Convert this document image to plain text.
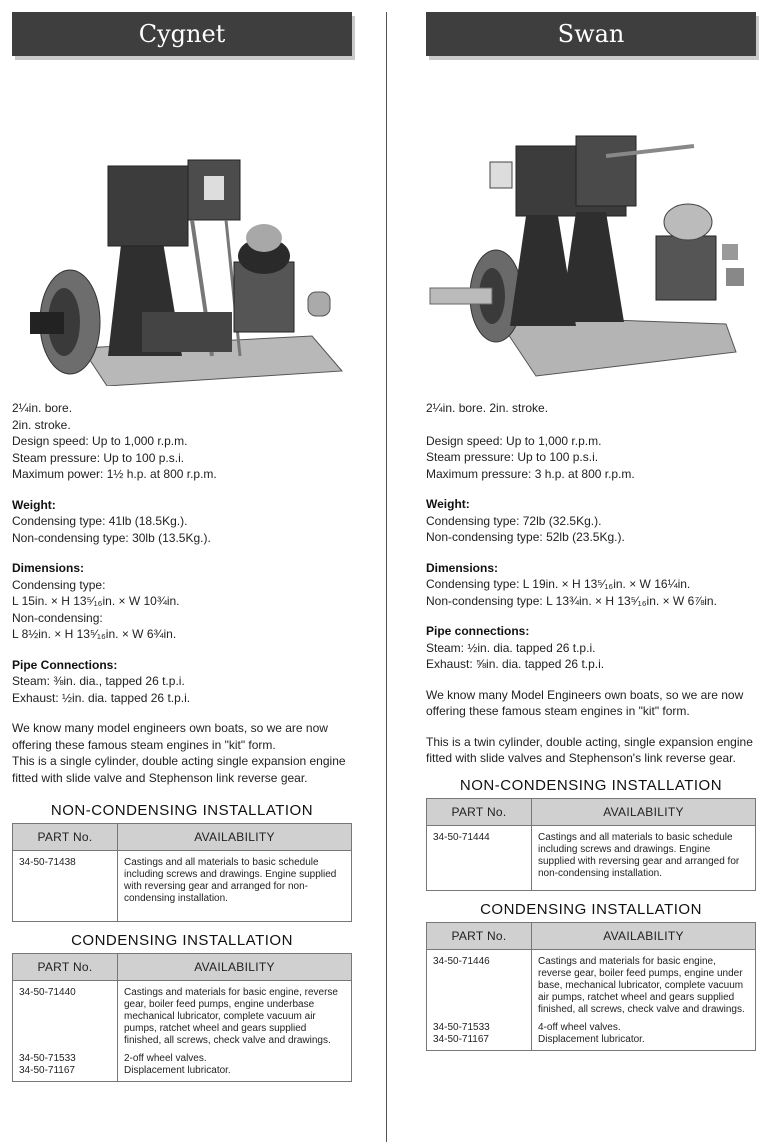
Cygnet

2¼in. bore.

2in. stroke.

Design speed: Up to 1,000 r.p.m.

Steam pressure: Up to 100 p.s.i.

Maximum power: 1½ h.p. at 800 r.p.m.

Weight:

Condensing type: 41lb (18.5Kg.).

Non-condensing type: 30lb (13.5Kg.).

Dimensions:

Condensing type:

L 15in. × H 13⁵⁄₁₆in. × W 10¾in.

Non-condensing:

L 8½in. × H 13⁵⁄₁₆in. × W 6¾in.

Pipe Connections:

Steam: ⅜in. dia., tapped 26 t.p.i.

Exhaust: ½in. dia. tapped 26 t.p.i.

We know many model engineers own boats, so we are now offering these famous steam engines in "kit" form.

This is a single cylinder, double acting single expansion engine fitted with slide valve and Stephenson link reverse gear.

NON-CONDENSING INSTALLATION
PART No.	AVAILABILITY
34-50-71438	Castings and all materials to basic schedule including screws and drawings. Engine supplied with reversing gear and arranged for non-condensing installation.
CONDENSING INSTALLATION
PART No.	AVAILABILITY
34-50-71440	Castings and materials for basic engine, reverse gear, boiler feed pumps, engine underbase mechanical lubricator, complete vacuum air pumps, ratchet wheel and gears supplied finished, all screws, check valve and drawings.
34-50-71533	2-off wheel valves.
34-50-71167	Displacement lubricator.
Swan

2¼in. bore. 2in. stroke.

Design speed: Up to 1,000 r.p.m.

Steam pressure: Up to 100 p.s.i.

Maximum pressure: 3 h.p. at 800 r.p.m.

Weight:

Condensing type: 72lb (32.5Kg.).

Non-condensing type: 52lb (23.5Kg.).

Dimensions:

Condensing type: L 19in. × H 13⁵⁄₁₆in. × W 16¼in.

Non-condensing type: L 13¾in. × H 13⁵⁄₁₆in. × W 6⅞in.

Pipe connections:

Steam: ½in. dia. tapped 26 t.p.i.

Exhaust: ⅝in. dia. tapped 26 t.p.i.

We know many Model Engineers own boats, so we are now offering these famous steam engines in "kit" form.

This is a twin cylinder, double acting, single expansion engine fitted with slide valves and Stephenson's link reverse gear.

NON-CONDENSING INSTALLATION
PART No.	AVAILABILITY
34-50-71444	Castings and all materials to basic schedule including screws and drawings. Engine supplied with reversing gear and arranged for non-condensing installation.
CONDENSING INSTALLATION
PART No.	AVAILABILITY
34-50-71446	Castings and materials for basic engine, reverse gear, boiler feed pumps, engine under base, mechanical lubricator, complete vacuum air pumps, ratchet wheel and gears supplied finished, all screws, check valve and drawings.
34-50-71533	4-off wheel valves.
34-50-71167	Displacement lubricator.
